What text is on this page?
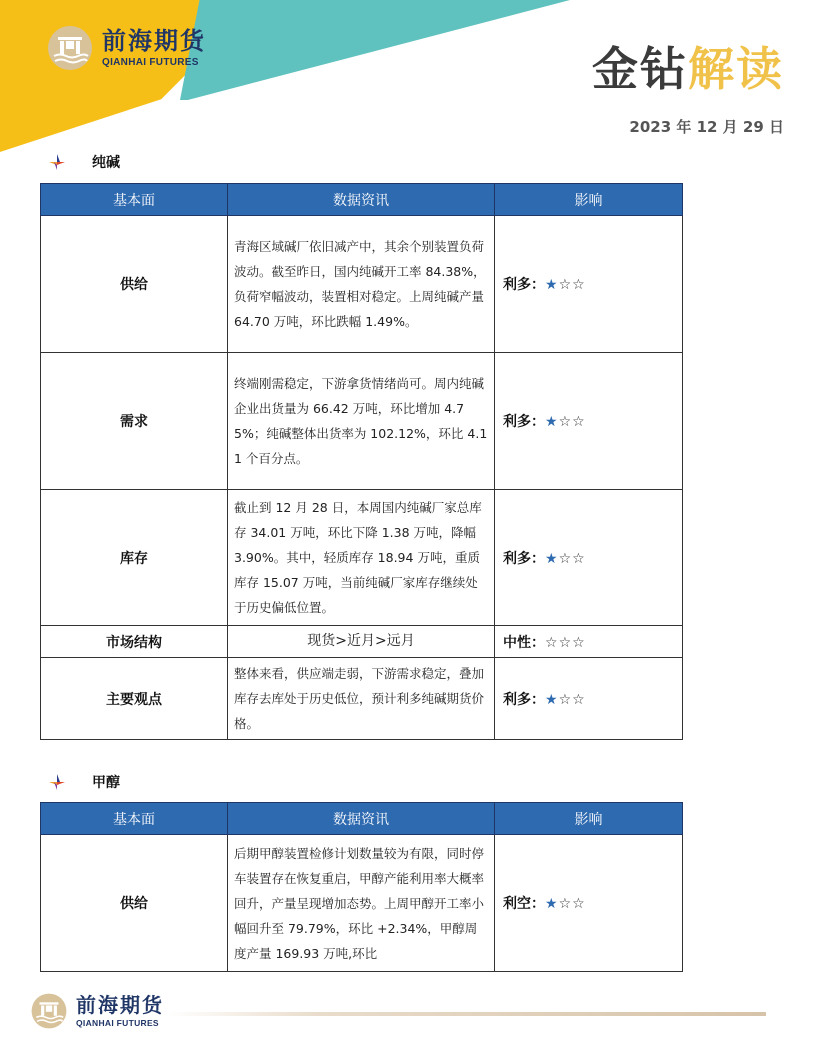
前海期货
QIANHAI FUTURES	金钻解读
2023 年 12 月 29 日
纯碱
基本面	数据资讯	影响
供给	青海区域碱厂依旧减产中，其余个别装置负荷波动。截至昨日，国内纯碱开工率 84.38%，负荷窄幅波动，装置相对稳定。上周纯碱产量 64.70 万吨，环比跌幅 1.49%。	利多：★☆☆
需求	终端刚需稳定，下游拿货情绪尚可。周内纯碱企业出货量为 66.42 万吨，环比增加 4.75%；纯碱整体出货率为 102.12%，环比 4.11 个百分点。	利多：★☆☆
库存	截止到 12 月 28 日，本周国内纯碱厂家总库存 34.01 万吨，环比下降 1.38 万吨，降幅 3.90%。其中，轻质库存 18.94 万吨，重质库存 15.07 万吨，当前纯碱厂家库存继续处于历史偏低位置。	利多：★☆☆
市场结构	现货>近月>远月	中性：☆☆☆
主要观点	整体来看，供应端走弱，下游需求稳定，叠加库存去库处于历史低位，预计利多纯碱期货价格。	利多：★☆☆
甲醇
基本面	数据资讯	影响
供给	后期甲醇装置检修计划数量较为有限，同时停车装置存在恢复重启，甲醇产能利用率大概率回升，产量呈现增加态势。上周甲醇开工率小幅回升至 79.79%，环比 +2.34%，甲醇周度产量 169.93 万吨,环比	利空：★☆☆
前海期货
QIANHAI FUTURES
